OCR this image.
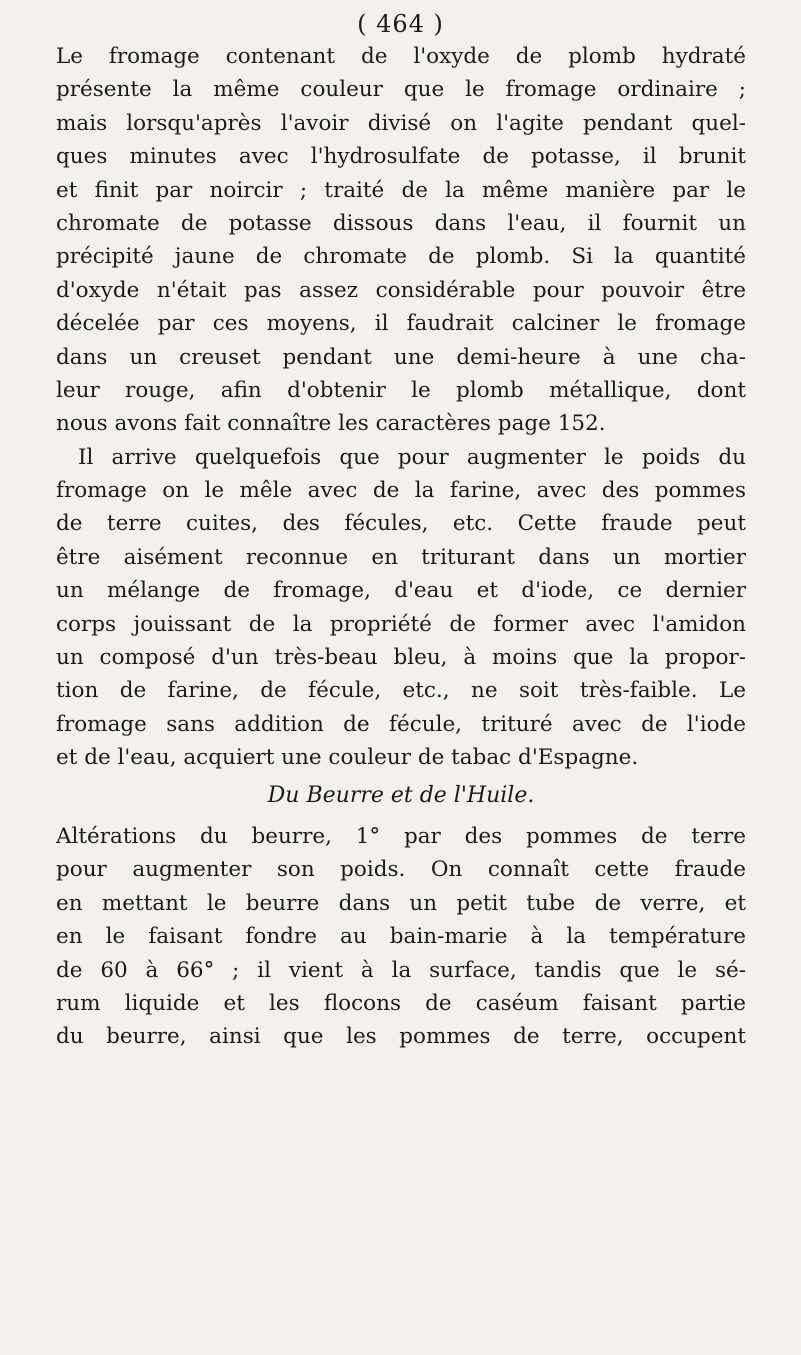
( 464 )
Le fromage contenant de l'oxyde de plomb hydraté
présente la même couleur que le fromage ordinaire ;
mais lorsqu'après l'avoir divisé on l'agite pendant quel-
ques minutes avec l'hydrosulfate de potasse, il brunit
et finit par noircir ; traité de la même manière par le
chromate de potasse dissous dans l'eau, il fournit un
précipité jaune de chromate de plomb. Si la quantité
d'oxyde n'était pas assez considérable pour pouvoir être
décelée par ces moyens, il faudrait calciner le fromage
dans un creuset pendant une demi-heure à une cha-
leur rouge, afin d'obtenir le plomb métallique, dont
nous avons fait connaître les caractères page 152.
Il arrive quelquefois que pour augmenter le poids du
fromage on le mêle avec de la farine, avec des pommes
de terre cuites, des fécules, etc. Cette fraude peut
être aisément reconnue en triturant dans un mortier
un mélange de fromage, d'eau et d'iode, ce dernier
corps jouissant de la propriété de former avec l'amidon
un composé d'un très-beau bleu, à moins que la propor-
tion de farine, de fécule, etc., ne soit très-faible. Le
fromage sans addition de fécule, trituré avec de l'iode
et de l'eau, acquiert une couleur de tabac d'Espagne.
Du Beurre et de l'Huile.
Altérations du beurre, 1° par des pommes de terre
pour augmenter son poids. On connaît cette fraude
en mettant le beurre dans un petit tube de verre, et
en le faisant fondre au bain-marie à la température
de 60 à 66° ; il vient à la surface, tandis que le sé-
rum liquide et les flocons de caséum faisant partie
du beurre, ainsi que les pommes de terre, occupent
